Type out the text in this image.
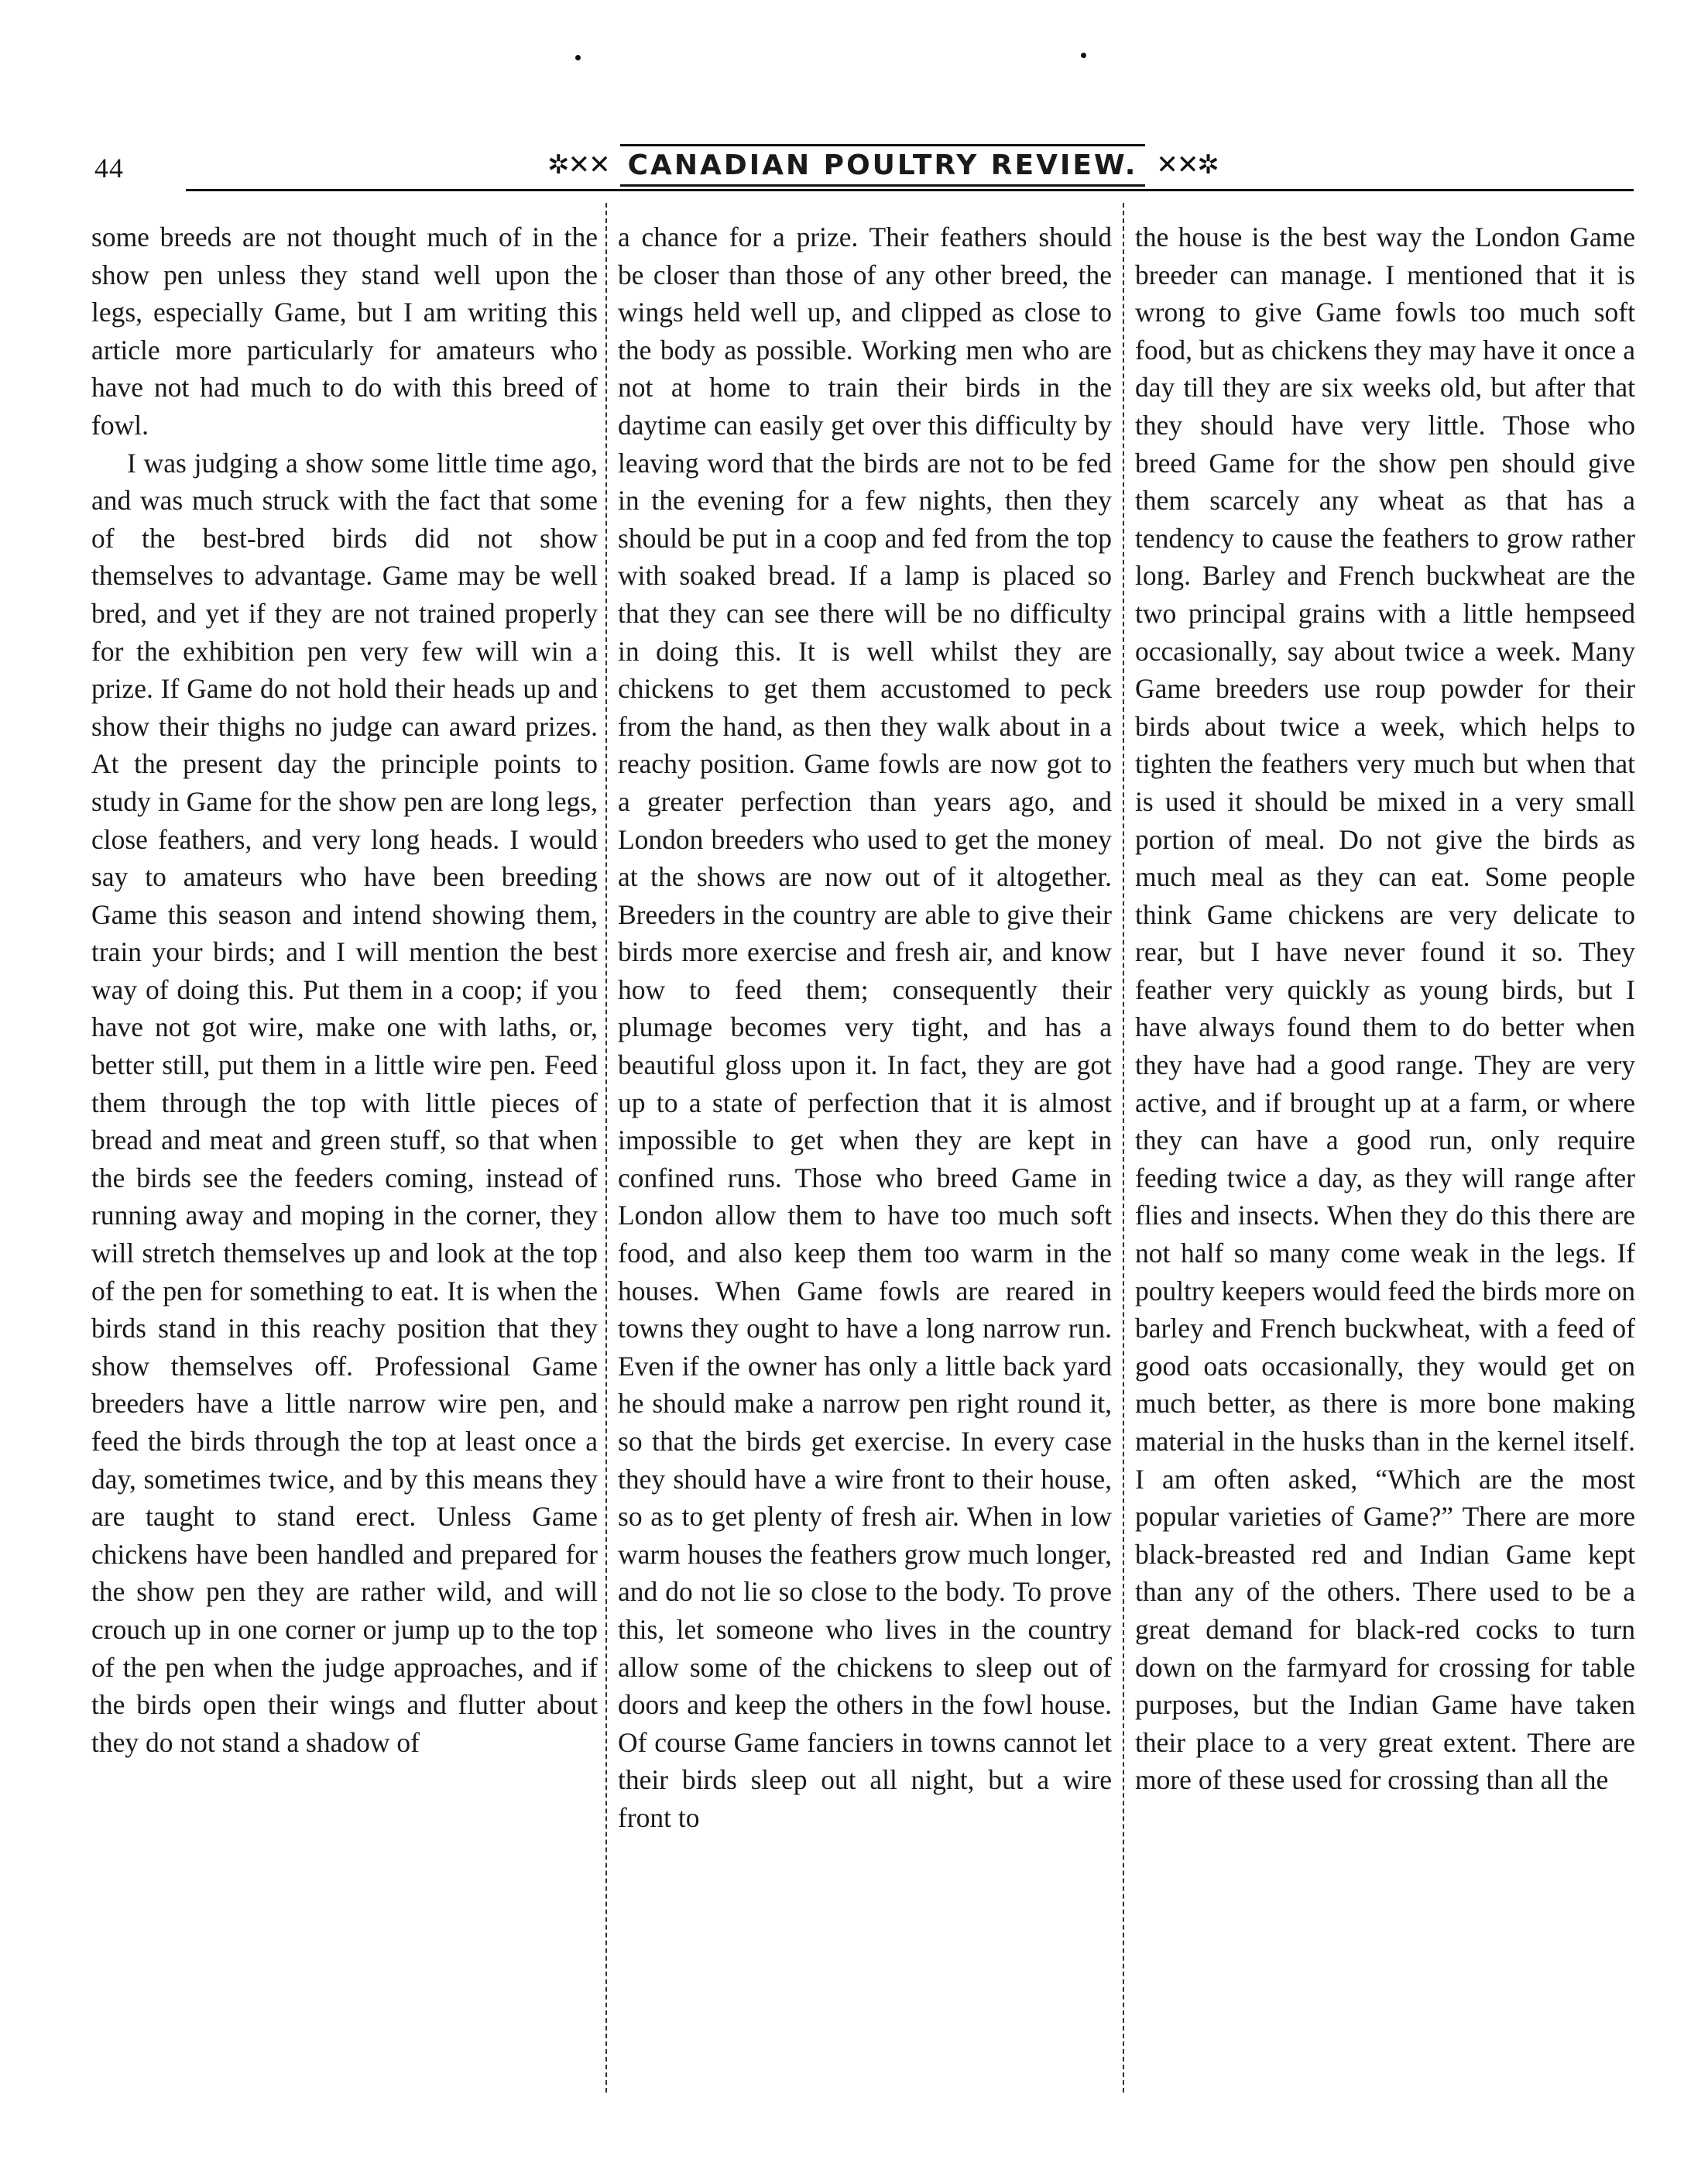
44	✲✕✕ CANADIAN POULTRY REVIEW. ✕✕✲

some breeds are not thought much of in the show pen unless they stand well upon the legs, especially Game, but I am writing this article more particularly for amateurs who have not had much to do with this breed of fowl.

I was judging a show some little time ago, and was much struck with the fact that some of the best-bred birds did not show themselves to advantage. Game may be well bred, and yet if they are not trained properly for the exhibition pen very few will win a prize. If Game do not hold their heads up and show their thighs no judge can award prizes. At the present day the principle points to study in Game for the show pen are long legs, close feathers, and very long heads. I would say to amateurs who have been breeding Game this season and intend showing them, train your birds; and I will mention the best way of doing this. Put them in a coop; if you have not got wire, make one with laths, or, better still, put them in a little wire pen. Feed them through the top with little pieces of bread and meat and green stuff, so that when the birds see the feeders coming, instead of running away and moping in the corner, they will stretch themselves up and look at the top of the pen for something to eat. It is when the birds stand in this reachy position that they show themselves off. Professional Game breeders have a little narrow wire pen, and feed the birds through the top at least once a day, sometimes twice, and by this means they are taught to stand erect. Unless Game chickens have been handled and prepared for the show pen they are rather wild, and will crouch up in one corner or jump up to the top of the pen when the judge approaches, and if the birds open their wings and flutter about they do not stand a shadow of

a chance for a prize. Their feathers should be closer than those of any other breed, the wings held well up, and clipped as close to the body as possible. Working men who are not at home to train their birds in the daytime can easily get over this difficulty by leaving word that the birds are not to be fed in the evening for a few nights, then they should be put in a coop and fed from the top with soaked bread. If a lamp is placed so that they can see there will be no difficulty in doing this. It is well whilst they are chickens to get them accustomed to peck from the hand, as then they walk about in a reachy position. Game fowls are now got to a greater perfection than years ago, and London breeders who used to get the money at the shows are now out of it altogether. Breeders in the country are able to give their birds more exercise and fresh air, and know how to feed them; consequently their plumage becomes very tight, and has a beautiful gloss upon it. In fact, they are got up to a state of perfection that it is almost impossible to get when they are kept in confined runs. Those who breed Game in London allow them to have too much soft food, and also keep them too warm in the houses. When Game fowls are reared in towns they ought to have a long narrow run. Even if the owner has only a little back yard he should make a narrow pen right round it, so that the birds get exercise. In every case they should have a wire front to their house, so as to get plenty of fresh air. When in low warm houses the feathers grow much longer, and do not lie so close to the body. To prove this, let someone who lives in the country allow some of the chickens to sleep out of doors and keep the others in the fowl house. Of course Game fanciers in towns cannot let their birds sleep out all night, but a wire front to

the house is the best way the London Game breeder can manage. I mentioned that it is wrong to give Game fowls too much soft food, but as chickens they may have it once a day till they are six weeks old, but after that they should have very little. Those who breed Game for the show pen should give them scarcely any wheat as that has a tendency to cause the feathers to grow rather long. Barley and French buckwheat are the two principal grains with a little hempseed occasionally, say about twice a week. Many Game breeders use roup powder for their birds about twice a week, which helps to tighten the feathers very much but when that is used it should be mixed in a very small portion of meal. Do not give the birds as much meal as they can eat. Some people think Game chickens are very delicate to rear, but I have never found it so. They feather very quickly as young birds, but I have always found them to do better when they have had a good range. They are very active, and if brought up at a farm, or where they can have a good run, only require feeding twice a day, as they will range after flies and insects. When they do this there are not half so many come weak in the legs. If poultry keepers would feed the birds more on barley and French buckwheat, with a feed of good oats occasionally, they would get on much better, as there is more bone making material in the husks than in the kernel itself. I am often asked, “Which are the most popular varieties of Game?” There are more black-breasted red and Indian Game kept than any of the others. There used to be a great demand for black-red cocks to turn down on the farmyard for crossing for table purposes, but the Indian Game have taken their place to a very great extent. There are more of these used for crossing than all the
